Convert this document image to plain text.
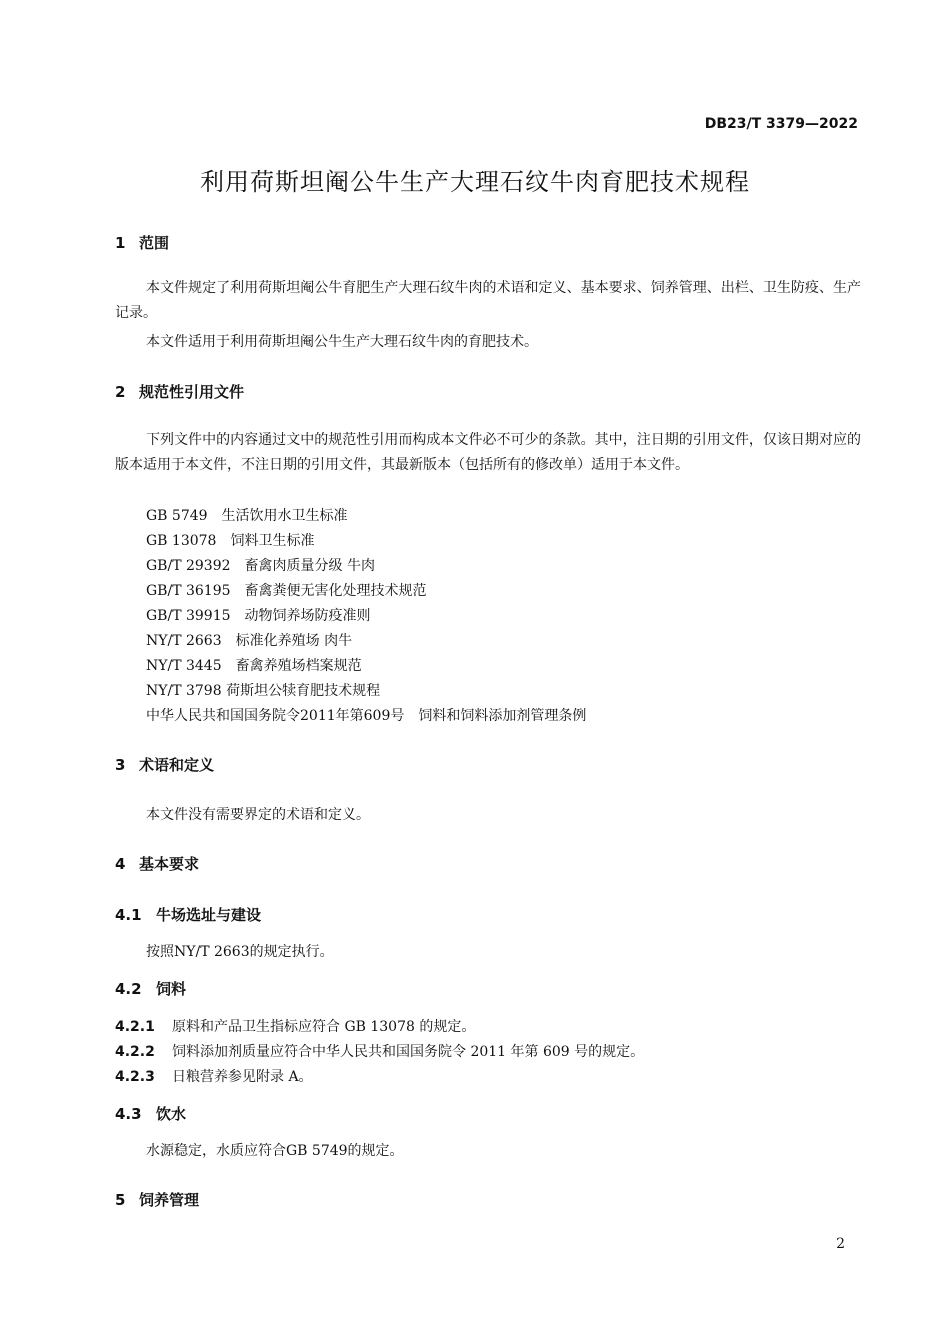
DB23/T 3379—2022
利用荷斯坦阉公牛生产大理石纹牛肉育肥技术规程
1 范围
本文件规定了利用荷斯坦阉公牛育肥生产大理石纹牛肉的术语和定义、基本要求、饲养管理、出栏、卫生防疫、生产记录。
本文件适用于利用荷斯坦阉公牛生产大理石纹牛肉的育肥技术。
2 规范性引用文件
下列文件中的内容通过文中的规范性引用而构成本文件必不可少的条款。其中，注日期的引用文件，仅该日期对应的版本适用于本文件，不注日期的引用文件，其最新版本（包括所有的修改单）适用于本文件。
GB 5749　生活饮用水卫生标准
GB 13078　饲料卫生标准
GB/T 29392　畜禽肉质量分级 牛肉
GB/T 36195　畜禽粪便无害化处理技术规范
GB/T 39915　动物饲养场防疫准则
NY/T 2663　标准化养殖场 肉牛
NY/T 3445　畜禽养殖场档案规范
NY/T 3798 荷斯坦公犊育肥技术规程
中华人民共和国国务院令2011年第609号　饲料和饲料添加剂管理条例
3 术语和定义
本文件没有需要界定的术语和定义。
4 基本要求
4.1 牛场选址与建设
按照NY/T 2663的规定执行。
4.2 饲料
4.2.1 原料和产品卫生指标应符合 GB 13078 的规定。
4.2.2 饲料添加剂质量应符合中华人民共和国国务院令 2011 年第 609 号的规定。
4.2.3 日粮营养参见附录 A。
4.3 饮水
水源稳定，水质应符合GB 5749的规定。
5 饲养管理
2
